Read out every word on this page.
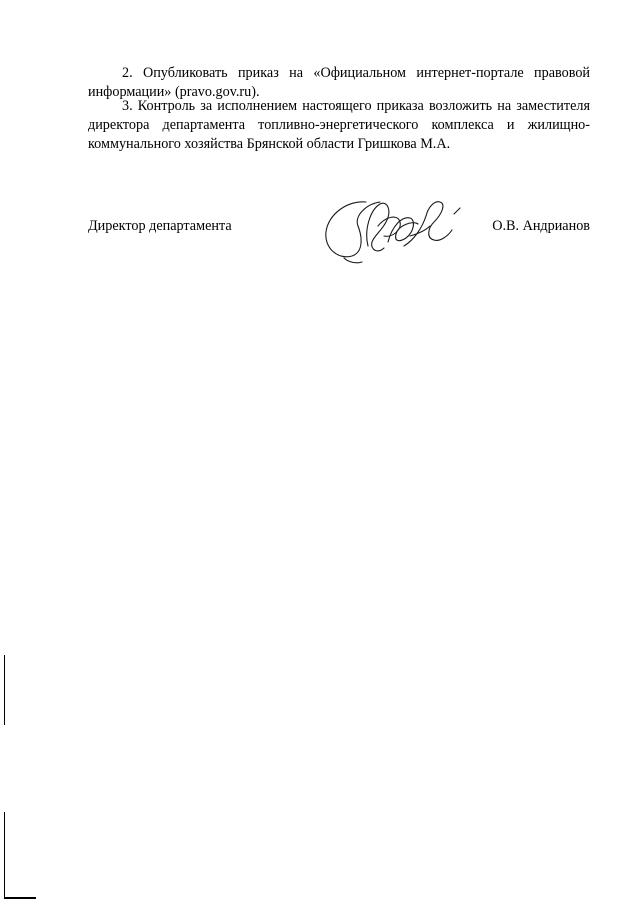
2. Опубликовать приказ на «Официальном интернет-портале правовой информации» (pravo.gov.ru).

3. Контроль за исполнением настоящего приказа возложить на заместителя директора департамента топливно-энергетического комплекса и жилищно-коммунального хозяйства Брянской области Гришкова М.А.

Директор департамента	О.В. Андрианов
